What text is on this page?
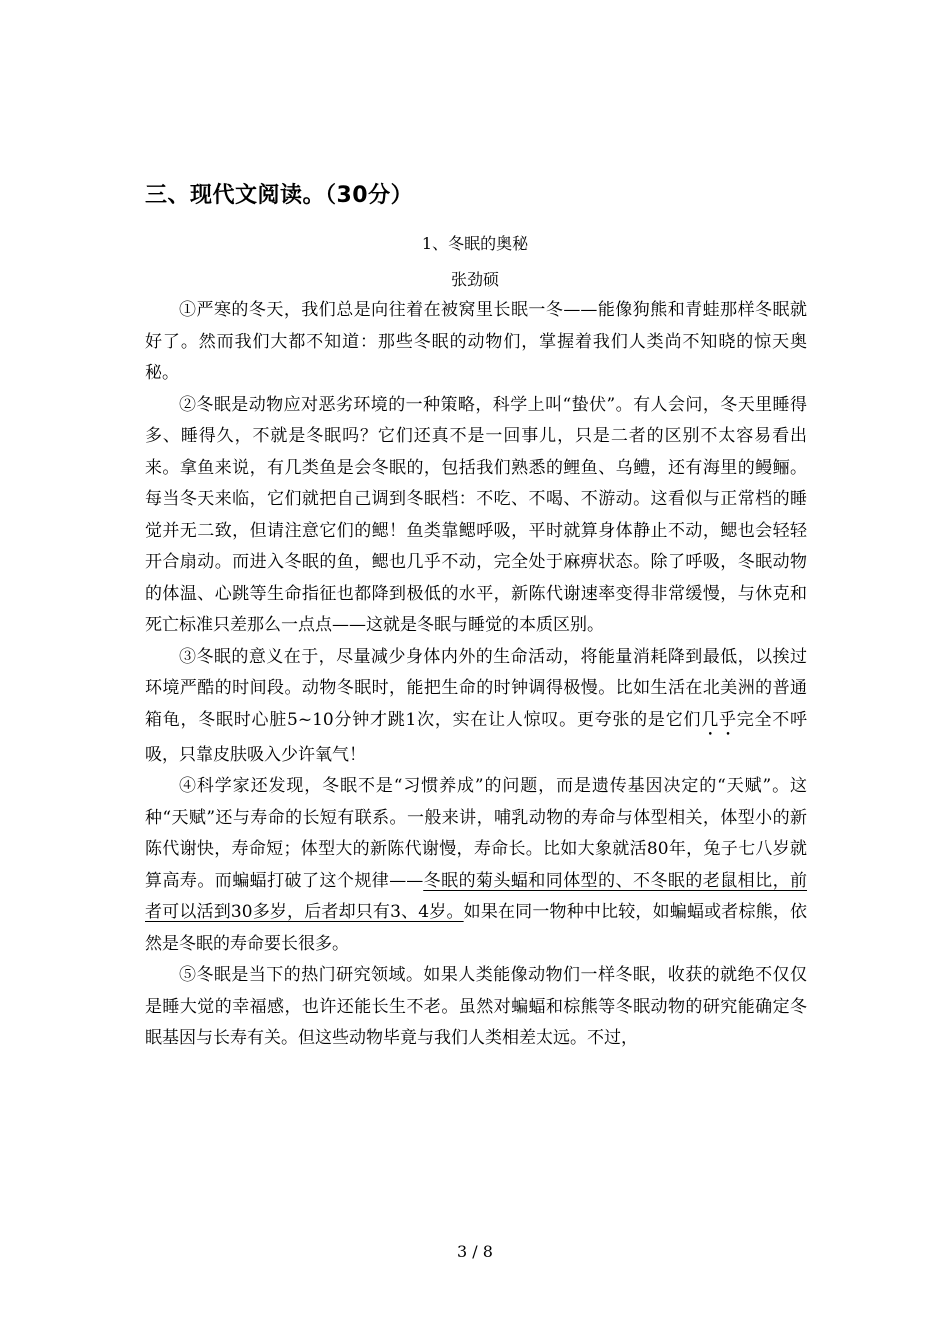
三、现代文阅读。（30分）
1、冬眠的奥秘
张劲硕

①严寒的冬天，我们总是向往着在被窝里长眠一冬——能像狗熊和青蛙那样冬眠就好了。然而我们大都不知道：那些冬眠的动物们，掌握着我们人类尚不知晓的惊天奥秘。

②冬眠是动物应对恶劣环境的一种策略，科学上叫“蛰伏”。有人会问，冬天里睡得多、睡得久，不就是冬眠吗？它们还真不是一回事儿，只是二者的区别不太容易看出来。拿鱼来说，有几类鱼是会冬眠的，包括我们熟悉的鲤鱼、乌鳢，还有海里的鳗鲡。每当冬天来临，它们就把自己调到冬眠档：不吃、不喝、不游动。这看似与正常档的睡觉并无二致，但请注意它们的鳃！鱼类靠鳃呼吸，平时就算身体静止不动，鳃也会轻轻开合扇动。而进入冬眠的鱼，鳃也几乎不动，完全处于麻痹状态。除了呼吸，冬眠动物的体温、心跳等生命指征也都降到极低的水平，新陈代谢速率变得非常缓慢，与休克和死亡标准只差那么一点点——这就是冬眠与睡觉的本质区别。

③冬眠的意义在于，尽量减少身体内外的生命活动，将能量消耗降到最低，以挨过环境严酷的时间段。动物冬眠时，能把生命的时钟调得极慢。比如生活在北美洲的普通箱龟，冬眠时心脏5~10分钟才跳1次，实在让人惊叹。更夸张的是它们几乎完全不呼吸，只靠皮肤吸入少许氧气！

④科学家还发现，冬眠不是“习惯养成”的问题，而是遗传基因决定的“天赋”。这种“天赋”还与寿命的长短有联系。一般来讲，哺乳动物的寿命与体型相关，体型小的新陈代谢快，寿命短；体型大的新陈代谢慢，寿命长。比如大象就活80年，兔子七八岁就算高寿。而蝙蝠打破了这个规律——冬眠的菊头蝠和同体型的、不冬眠的老鼠相比，前者可以活到30多岁，后者却只有3、4岁。如果在同一物种中比较，如蝙蝠或者棕熊，依然是冬眠的寿命要长很多。

⑤冬眠是当下的热门研究领域。如果人类能像动物们一样冬眠，收获的就绝不仅仅是睡大觉的幸福感，也许还能长生不老。虽然对蝙蝠和棕熊等冬眠动物的研究能确定冬眠基因与长寿有关。但这些动物毕竟与我们人类相差太远。不过，

3 / 8
